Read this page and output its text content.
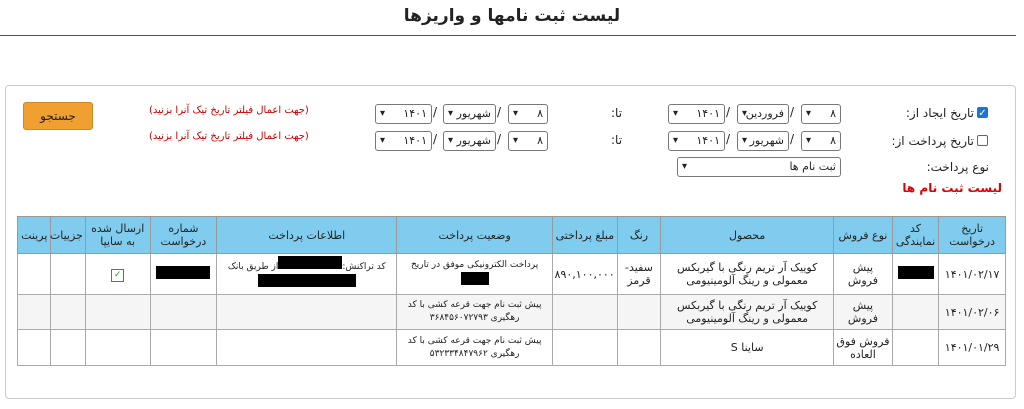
لیست ثبت نامها و واریزها
✓
تاریخ ایجاد از:
۸
▾
/
فروردین
▾
/
۱۴۰۱
▾
تا:
۸
▾
/
شهریور
▾
/
۱۴۰۱
▾
(جهت اعمال فیلتر تاریخ تیک آنرا بزنید)
جستجو
تاریخ پرداخت از:
۸
▾
/
شهریور
▾
/
۱۴۰۱
▾
تا:
۸
▾
/
شهریور
▾
/
۱۴۰۱
▾
(جهت اعمال فیلتر تاریخ تیک آنرا بزنید)
نوع پرداخت:
ثبت نام ها
▾
لیست ثبت نام ها
تاریخ درخواست	کد نمایندگی	نوع فروش	محصول	رنگ	مبلغ پرداختی	وضعیت پرداخت	اطلاعات پرداخت	شماره درخواست	ارسال شده به سایپا	جزییات	پرینت
۱۴۰۱/۰۲/۱۷		پیش فروش	کوییک آر تریم رنگی با گیربکس معمولی و رینگ آلومینیومی	سفید-قرمز	۸۹۰,۱۰۰,۰۰۰	پرداخت الکترونیکی موفق در تاریخ	کد تراکنش:از طریق بانک		✓		
۱۴۰۱/۰۲/۰۶		پیش فروش	کوییک آر تریم رنگی با گیربکس معمولی و رینگ آلومینیومی			پیش ثبت نام جهت قرعه کشی با کد
رهگیری ۳۶۸۴۵۶۰۷۲۷۹۳					

۱۴۰۱/۰۱/۲۹		فروش فوق العاده	ساینا S			پیش ثبت نام جهت قرعه کشی با کد
رهگیری ۵۳۲۳۳۴۸۴۷۹۶۲					
